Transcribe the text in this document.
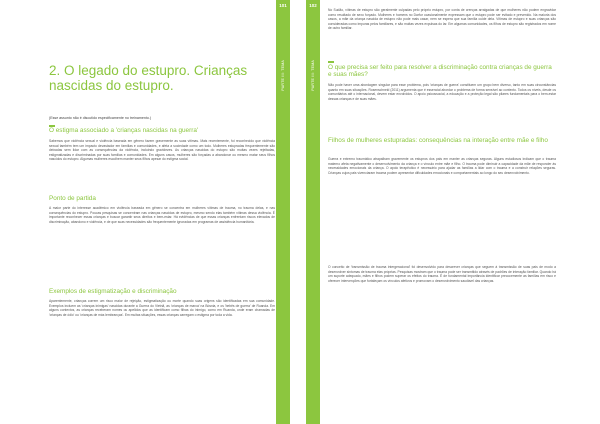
101
PARTE III: TEMA
2. O legado do estupro. Crianças nascidas do estupro.
(Esse assunto não é discutido especificamente no treinamento.)
O estigma associado a 'crianças nascidas na guerra'
Sabemos que violência sexual e violência baseada em gênero fazem gravemente as suas vítimas. Mais recentemente, foi reconhecido que violência sexual também tem um impacto devastador em famílias e comunidades, e afeta a sociedade como um todo. Mulheres estupradas frequentemente são deixadas sem lidar com as consequências da violência, incluindo gravidezes. As crianças nascidas do estupro são muitas vezes rejeitadas, estigmatizadas e discriminadas por suas famílias e comunidades. Em alguns casos, mulheres são forçadas a abandonar ou mesmo matar seus filhos nascidos do estupro. Algumas mulheres escolhem manter seus filhos apesar do estigma social.
Ponto de partida
A maior parte do interesse acadêmico em violência baseada em gênero se concentra em mulheres vítimas de trauma, no trauma delas, e nas consequências do estupro. Poucas pesquisas se concentram nas crianças nascidas de estupro, mesmo sendo elas também vítimas dessa violência. É importante reconhecer essas crianças e buscar garantir seus direitos e bem-estar. Há evidências de que essas crianças enfrentam riscos elevados de discriminação, abandono e violência, e de que suas necessidades são frequentemente ignoradas em programas de assistência humanitária.
Exemplos de estigmatização e discriminação
Aparentemente, crianças correm um risco maior de rejeição, estigmatização ou morte quando suas origens são identificadas em sua comunidade. Exemplos incluem as 'crianças inimigas' nascidas durante a Guerra do Vietnã, as 'crianças de marca' na Bósnia, e os 'bebês de guerra' de Ruanda. Em alguns contextos, as crianças receberam nomes ou apelidos que as identificam como filhas do inimigo, como em Ruanda, onde eram chamadas de 'crianças de ódio' ou 'crianças de más lembranças'. Em muitas situações, essas crianças carregam o estigma por toda a vida.
102
PARTE III: TEMA
No Sudão, vítimas de estupro são geralmente culpadas pelo próprio estupro, por conta de crenças arraigadas de que mulheres não podem engravidar como resultado de sexo forçado. Mulheres e homens no Darfur ocasionalmente expressam que o estupro pode ser evitado e prevenido. Na maioria dos casos, a mãe da criança nascida de estupro não pode mais casar, nem se espera que sua família cuide dela. Vítimas de estupro e suas crianças são consideradas como impuras pelos familiares, e são muitas vezes expulsas do lar. Em algumas comunidades, os filhos de estupro são registrados em nome de outro familiar.
O que precisa ser feito para resolver a discriminação contra crianças de guerra e suas mães?
Não pode haver uma abordagem singular para esse problema, pois 'crianças de guerra' constituem um grupo bem diverso, tanto em suas circunstâncias quanto em suas situações. Rosenschneid (2011) argumenta que é essencial abordar o problema de forma sensível ao contexto. Todos os níveis, desde os comunitários até o internacional, devem estar envolvidos. O apoio psicossocial, a educação e a proteção legal são pilares fundamentais para o bem-estar dessas crianças e de suas mães.
Filhos de mulheres estupradas: consequências na interação entre mãe e filho
Guerra e extremo traumático atrapalham gravemente os estupros dos pais em manter as crianças seguras. Alguns estudiosos indicam que o trauma materno afeta negativamente o desenvolvimento da criança e o vínculo entre mãe e filho. O trauma pode diminuir a capacidade da mãe de responder às necessidades emocionais da criança. O apoio terapêutico é necessário para ajudar as famílias a lidar com o trauma e a construir relações seguras. Crianças cujos pais vivenciaram trauma podem apresentar dificuldades emocionais e comportamentais ao longo do seu desenvolvimento.
O conceito de 'transmissão de trauma intergeracional' foi desenvolvido para descrever crianças que seguem à transmissão de suas pais de modo a desenvolver sintomas de trauma elas próprias. Pesquisas mostram que o trauma pode ser transmitido através de padrões de interação familiar. Quando há um suporte adequado, mães e filhos podem superar os efeitos do trauma. É de fundamental importância identificar precocemente as famílias em risco e oferecer intervenções que fortaleçam os vínculos afetivos e promovam o desenvolvimento saudável das crianças.
